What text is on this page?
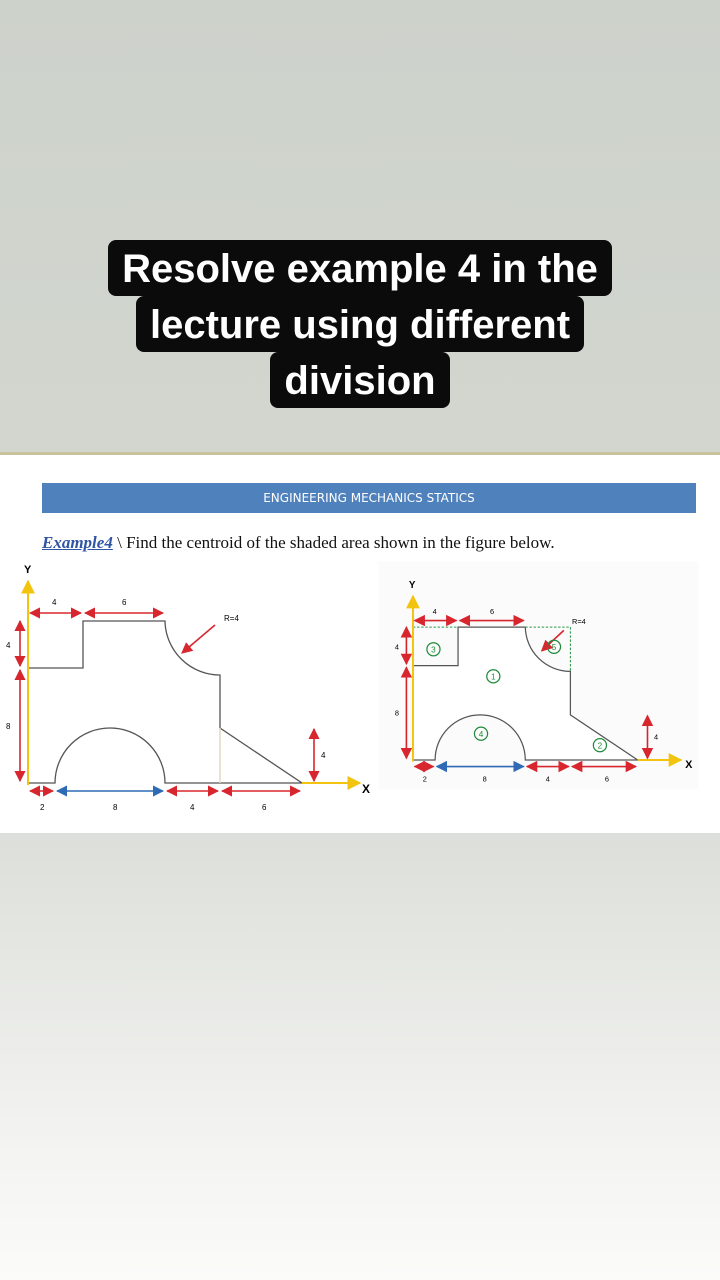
Resolve example 4 in the
lecture using different
division
ENGINEERING MECHANICS STATICS
Example4 \ Find the centroid of the shaded area shown in the figure below.
Y
X
4	6
R=4
4
8
4
2	8	4	6
Y
X
4	6
R=4
4
8
4
2	8	4	6
1
2
3
4
5
